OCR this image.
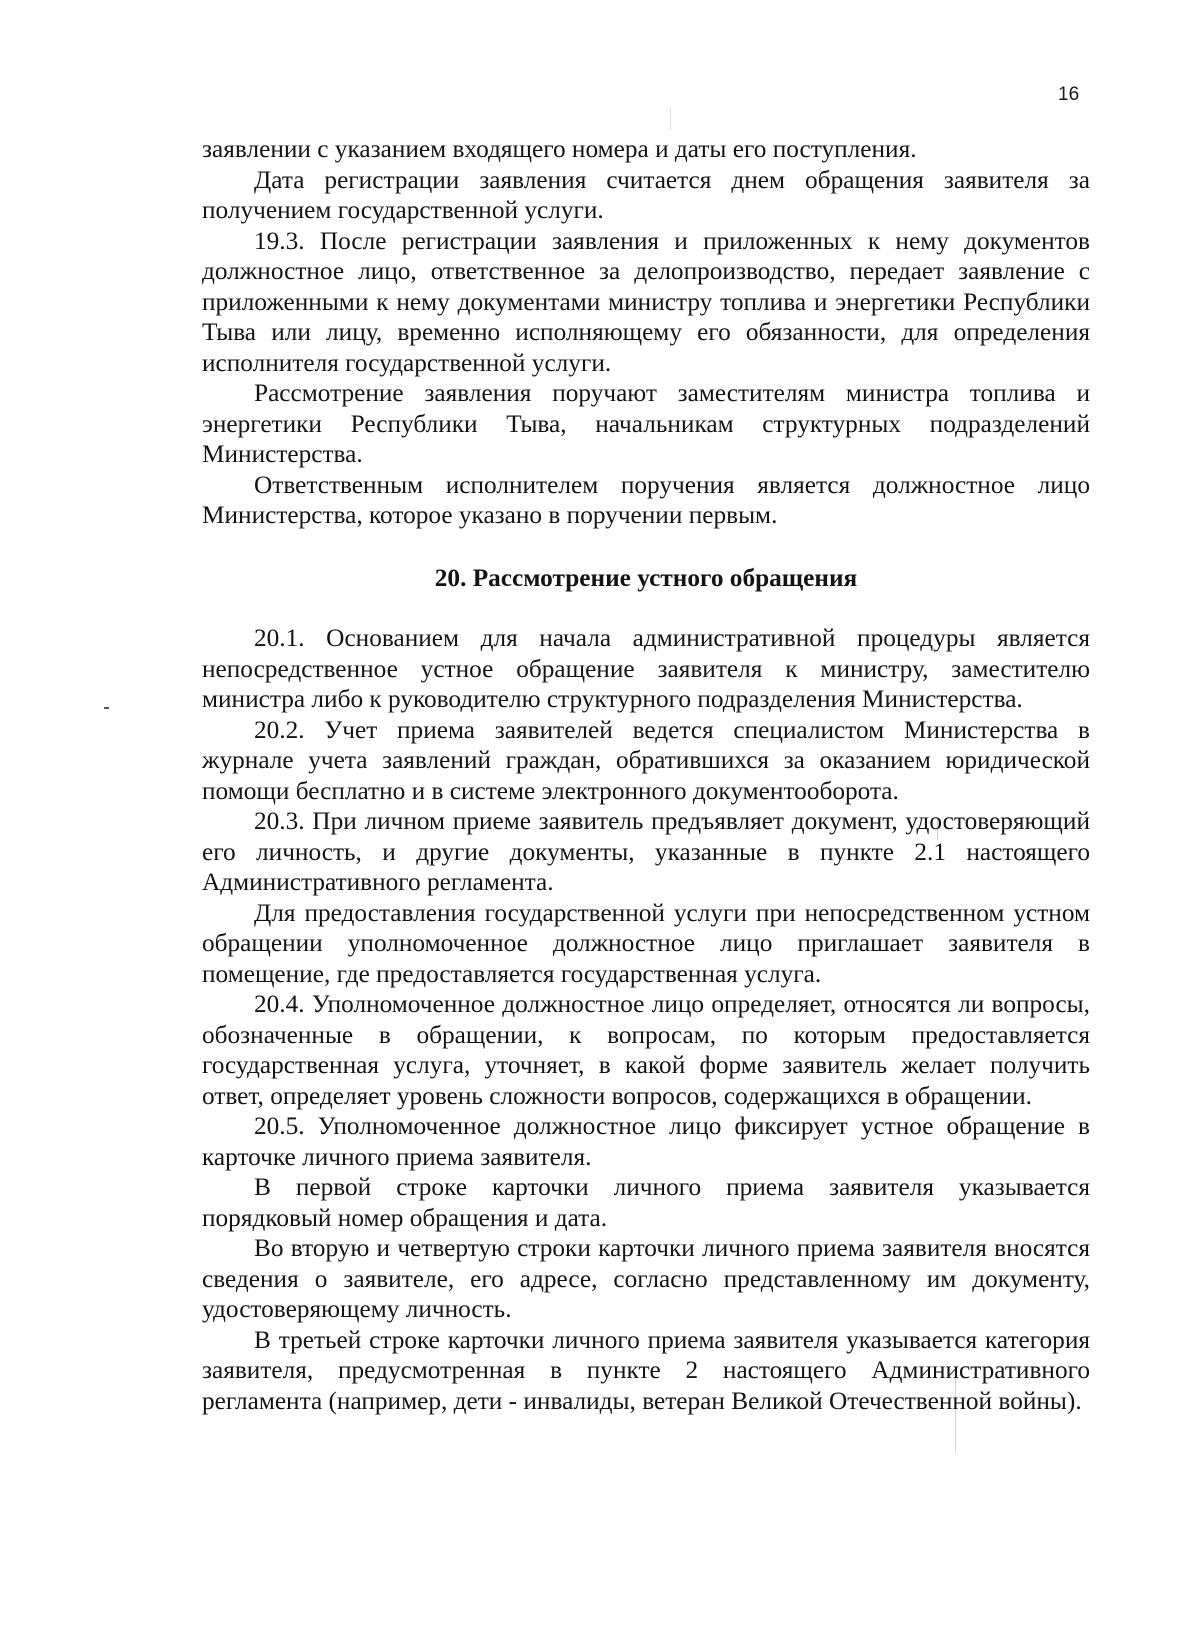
16

заявлении с указанием входящего номера и даты его поступления.

Дата регистрации заявления считается днем обращения заявителя за получением государственной услуги.

19.3. После регистрации заявления и приложенных к нему документов должностное лицо, ответственное за делопроизводство, передает заявление с приложенными к нему документами министру топлива и энергетики Республики Тыва или лицу, временно исполняющему его обязанности, для определения исполнителя государственной услуги.

Рассмотрение заявления поручают заместителям министра топлива и энергетики Республики Тыва, начальникам структурных подразделений Министерства.

Ответственным исполнителем поручения является должностное лицо Министерства, которое указано в поручении первым.

20. Рассмотрение устного обращения

20.1. Основанием для начала административной процедуры является непосредственное устное обращение заявителя к министру, заместителю министра либо к руководителю структурного подразделения Министерства.

20.2. Учет приема заявителей ведется специалистом Министерства в журнале учета заявлений граждан, обратившихся за оказанием юридической помощи бесплатно и в системе электронного документооборота.

20.3. При личном приеме заявитель предъявляет документ, удостоверяющий его личность, и другие документы, указанные в пункте 2.1 настоящего Административного регламента.

Для предоставления государственной услуги при непосредственном устном обращении уполномоченное должностное лицо приглашает заявителя в помещение, где предоставляется государственная услуга.

20.4. Уполномоченное должностное лицо определяет, относятся ли вопросы, обозначенные в обращении, к вопросам, по которым предоставляется государственная услуга, уточняет, в какой форме заявитель желает получить ответ, определяет уровень сложности вопросов, содержащихся в обращении.

20.5. Уполномоченное должностное лицо фиксирует устное обращение в карточке личного приема заявителя.

В первой строке карточки личного приема заявителя указывается порядковый номер обращения и дата.

Во вторую и четвертую строки карточки личного приема заявителя вносятся сведения о заявителе, его адресе, согласно представленному им документу, удостоверяющему личность.

В третьей строке карточки личного приема заявителя указывается категория заявителя, предусмотренная в пункте 2 настоящего Административного регламента (например, дети - инвалиды, ветеран Великой Отечественной войны).
